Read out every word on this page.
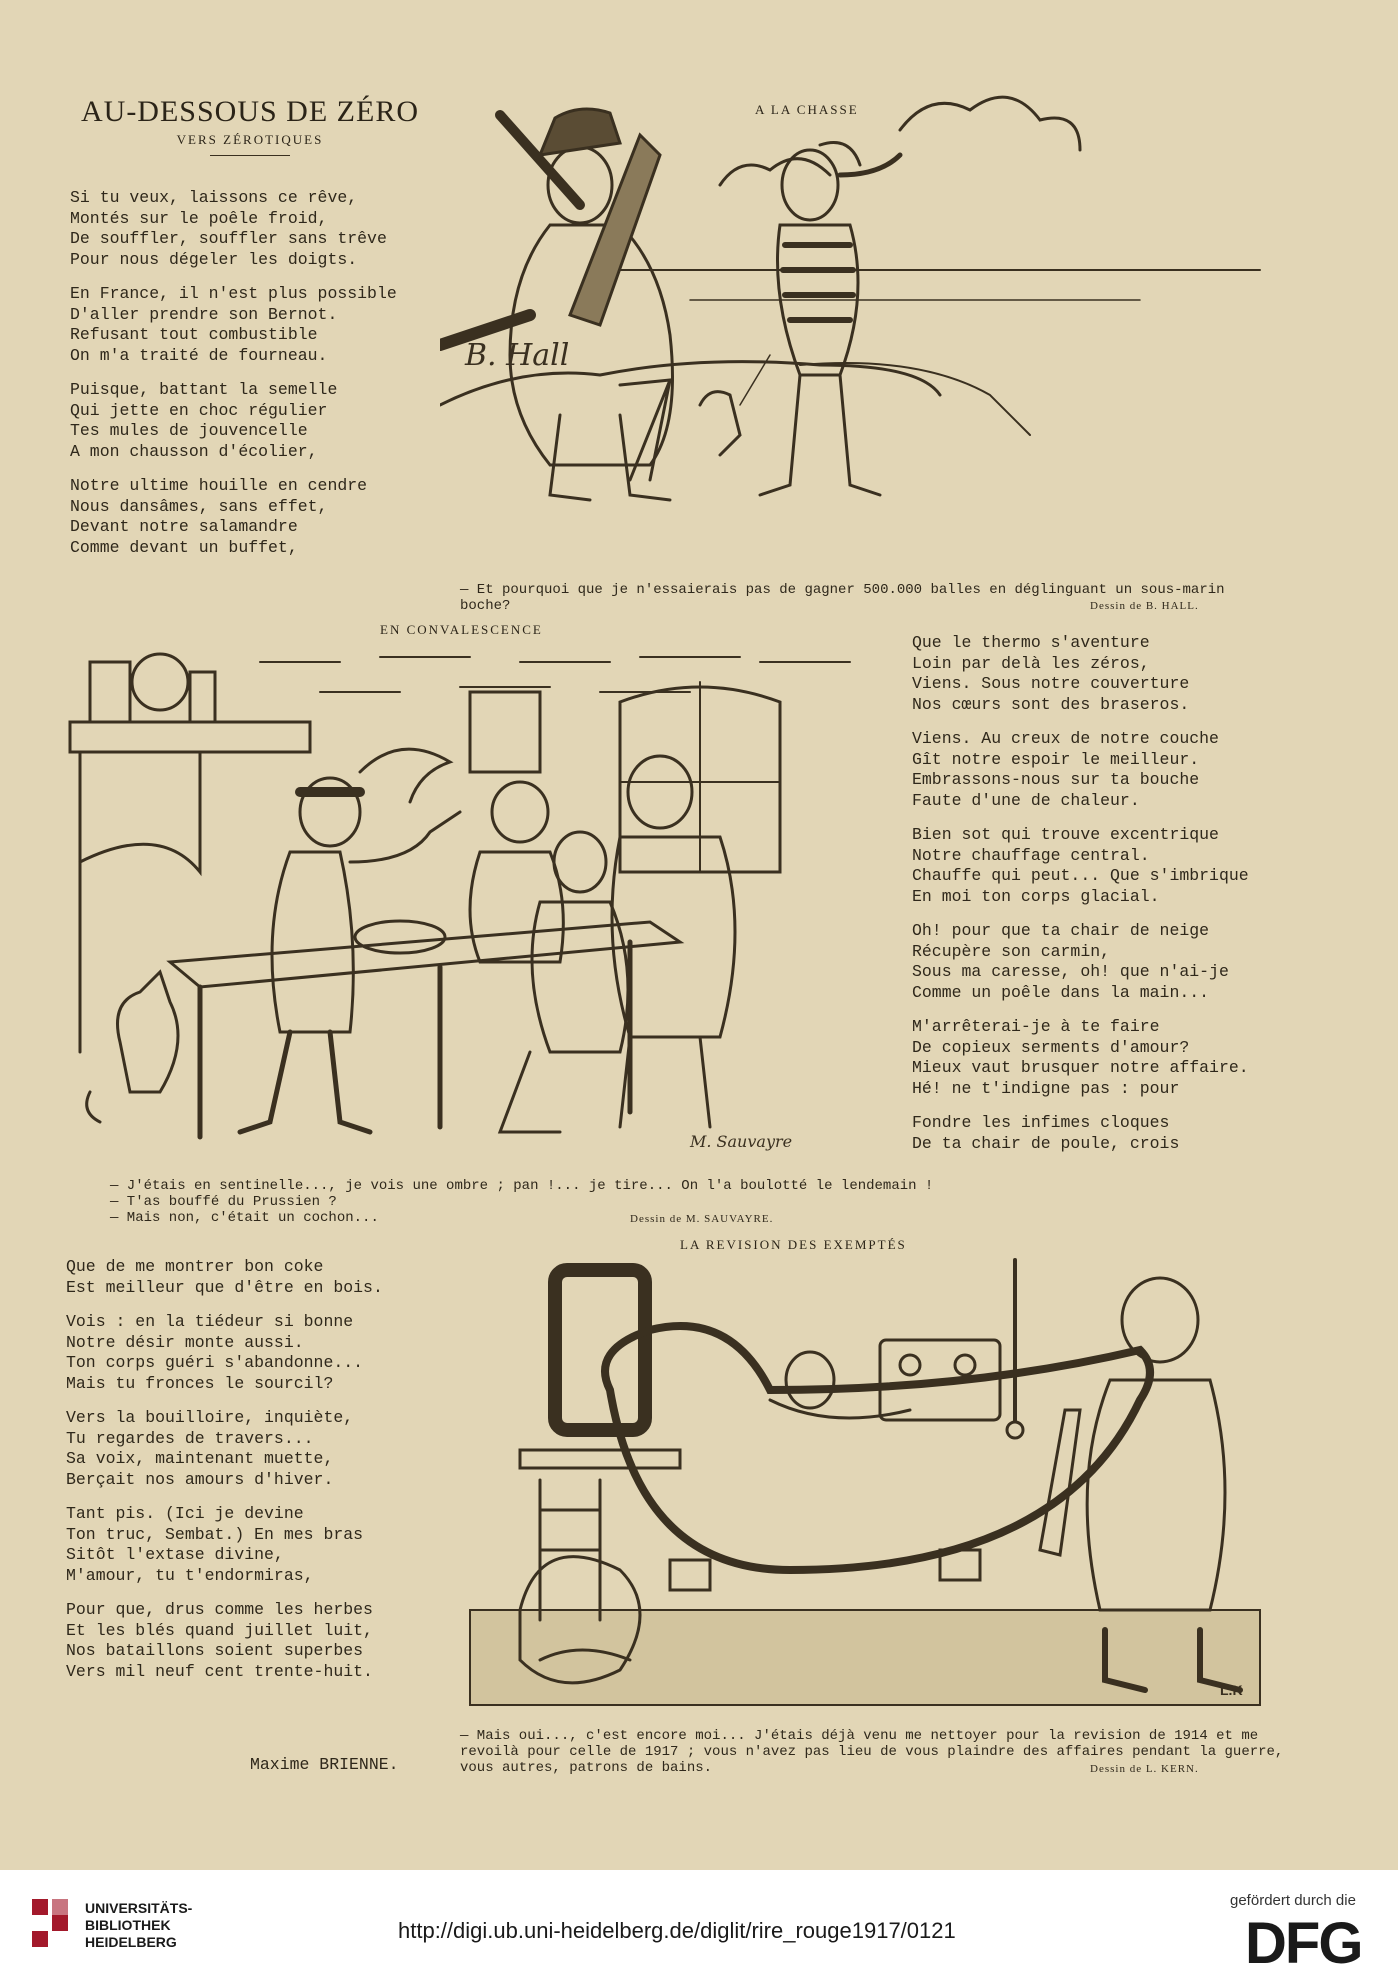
AU-DESSOUS DE ZÉRO
VERS ZÉROTIQUES

Si tu veux, laissons ce rêve,
Montés sur le poêle froid,
De souffler, souffler sans trêve
Pour nous dégeler les doigts.

En France, il n'est plus possible
D'aller prendre son Bernot.
Refusant tout combustible
On m'a traité de fourneau.

Puisque, battant la semelle
Qui jette en choc régulier
Tes mules de jouvencelle
A mon chausson d'écolier,

Notre ultime houille en cendre
Nous dansâmes, sans effet,
Devant notre salamandre
Comme devant un buffet,

A LA CHASSE
B. Hall
— Et pourquoi que je n'essaierais pas de gagner 500.000 balles en déglinguant un sous-marin
boche?	Dessin de B. HALL.
EN CONVALESCENCE
M. Sauvayre
— J'étais en sentinelle..., je vois une ombre ; pan !... je tire... On l'a boulotté le lendemain !
— T'as bouffé du Prussien ?
— Mais non, c'était un cochon...	Dessin de M. SAUVAYRE.

Que le thermo s'aventure
Loin par delà les zéros,
Viens. Sous notre couverture
Nos cœurs sont des braseros.

Viens. Au creux de notre couche
Gît notre espoir le meilleur.
Embrassons-nous sur ta bouche
Faute d'une de chaleur.

Bien sot qui trouve excentrique
Notre chauffage central.
Chauffe qui peut... Que s'imbrique
En moi ton corps glacial.

Oh! pour que ta chair de neige
Récupère son carmin,
Sous ma caresse, oh! que n'ai-je
Comme un poêle dans la main...

M'arrêterai-je à te faire
De copieux serments d'amour?
Mieux vaut brusquer notre affaire.
Hé! ne t'indigne pas : pour

Fondre les infimes cloques
De ta chair de poule, crois

LA REVISION DES EXEMPTÉS
L.K
— Mais oui..., c'est encore moi... J'étais déjà venu me nettoyer pour la revision de 1914 et me
revoilà pour celle de 1917 ; vous n'avez pas lieu de vous plaindre des affaires pendant la guerre,
vous autres, patrons de bains.	Dessin de L. KERN.

Que de me montrer bon coke
Est meilleur que d'être en bois.

Vois : en la tiédeur si bonne
Notre désir monte aussi.
Ton corps guéri s'abandonne...
Mais tu fronces le sourcil?

Vers la bouilloire, inquiète,
Tu regardes de travers...
Sa voix, maintenant muette,
Berçait nos amours d'hiver.

Tant pis. (Ici je devine
Ton truc, Sembat.) En mes bras
Sitôt l'extase divine,
M'amour, tu t'endormiras,

Pour que, drus comme les herbes
Et les blés quand juillet luit,
Nos bataillons soient superbes
Vers mil neuf cent trente-huit.

Maxime BRIENNE.
UNIVERSITÄTS-
BIBLIOTHEK
HEIDELBERG	http://digi.ub.uni-heidelberg.de/diglit/rire_rouge1917/0121
gefördert durch die
DFG
